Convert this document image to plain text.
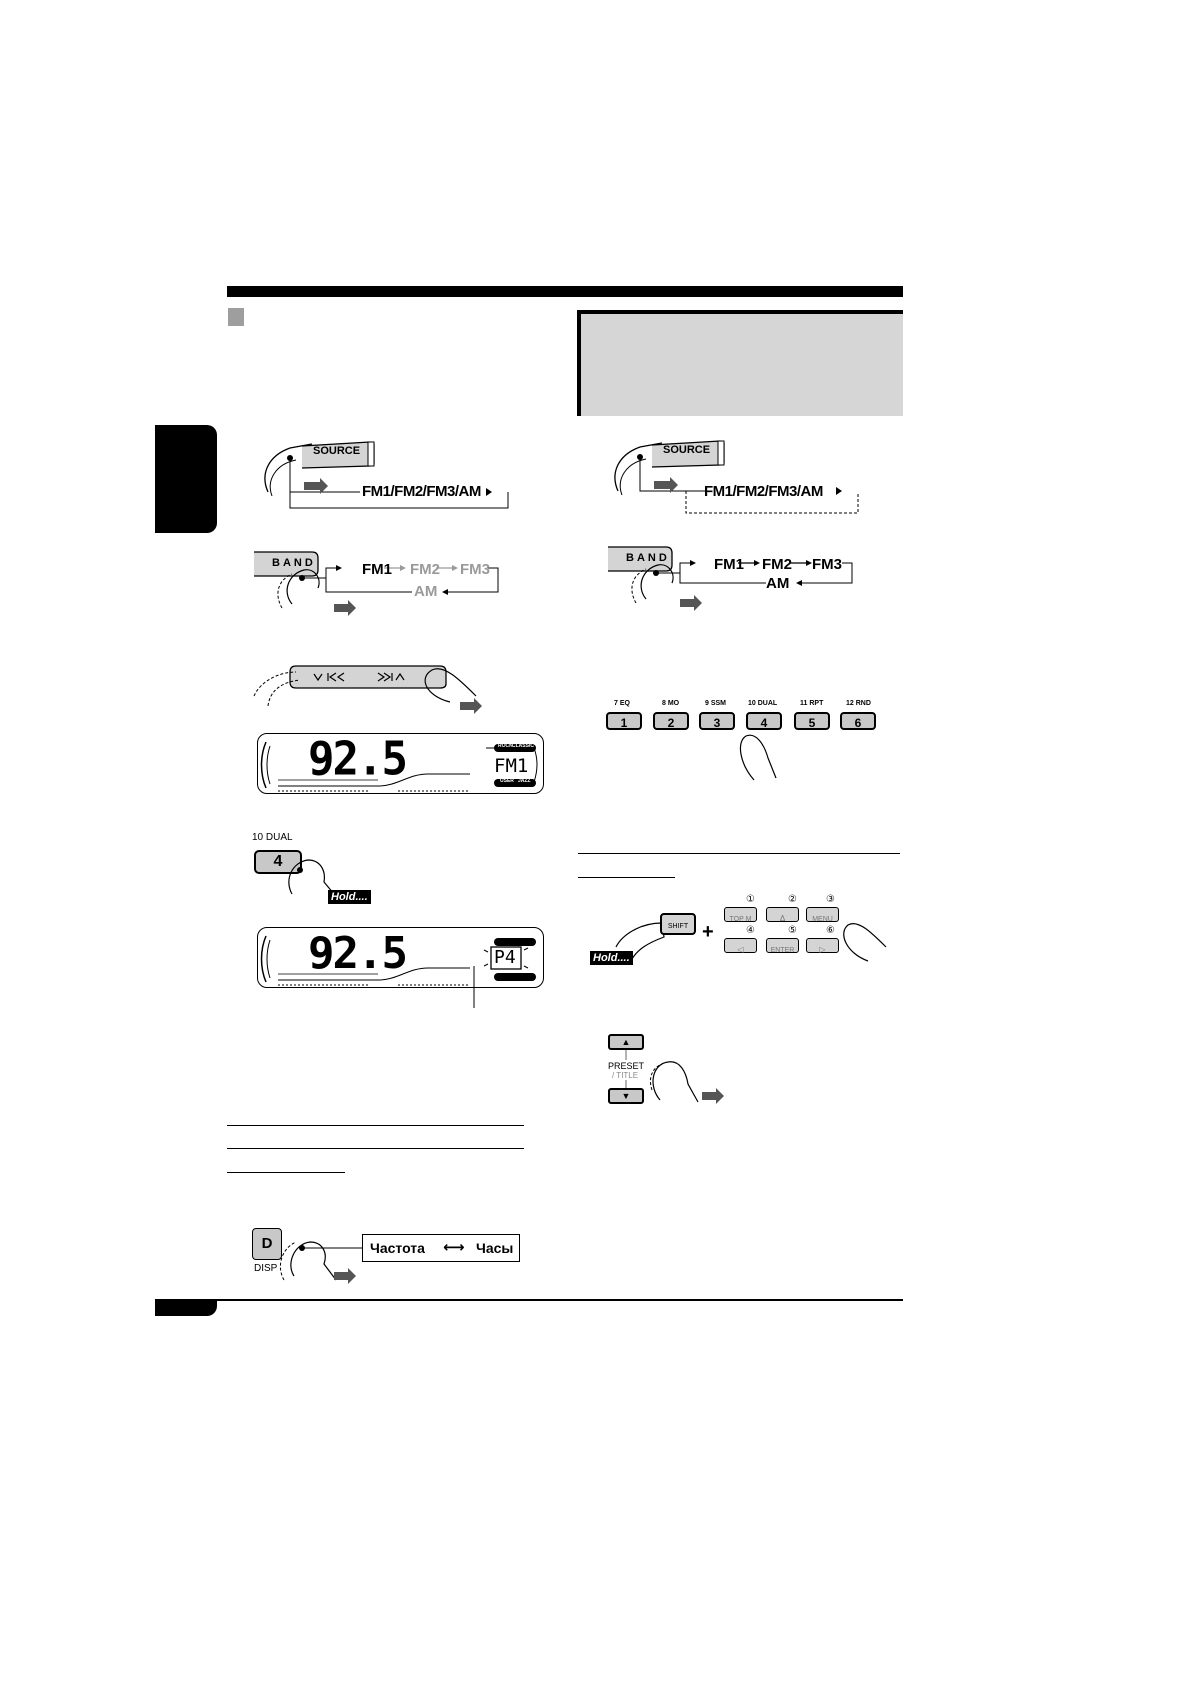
SOURCE
FM1/FM2/FM3/AM
BAND	FM1 FM2 FM3
AM
92.5	FM1
ROCK CLASSIC
USER JAZZ
10 DUAL
4
Hold....
92.5	P4
D
DISP
Частота ⟷ Часы
SOURCE
FM1/FM2/FM3/AM
BAND	FM1 FM2 FM3
AM
7 EQ	8 MO	9 SSM	10 DUAL	11 RPT	12 RND
1	2	3	4	5	6
SHIFT
Hold....
+
①	②	③
TOP M	Δ	MENU
④	⑤	⑥
◁	ENTER	▷
▲
PRESET
/ TITLE
▼
